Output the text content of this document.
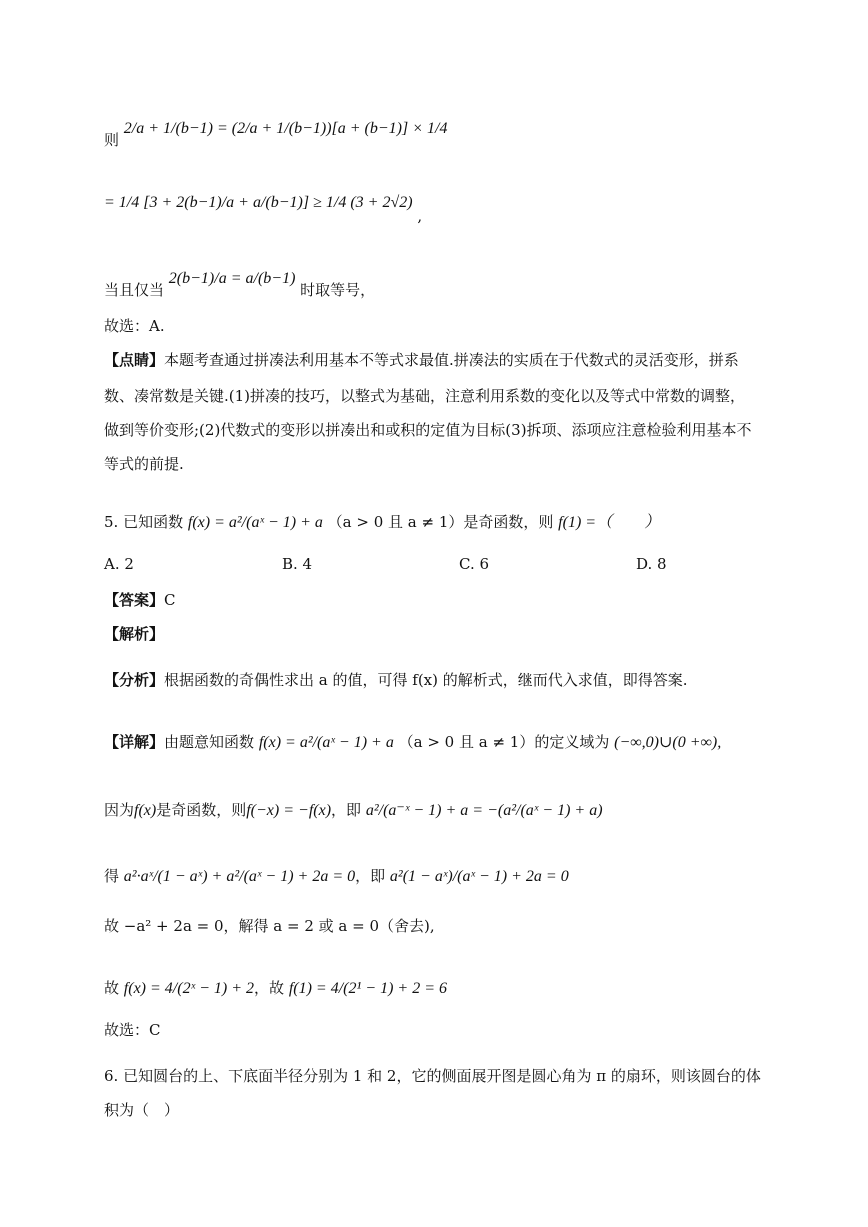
则 2/a + 1/(b−1) = (2/a + 1/(b−1))[a + (b−1)] × 1/4
= 1/4 [3 + 2(b−1)/a + a/(b−1)] ≥ 1/4 (3 + 2√2) ,
当且仅当 2(b−1)/a = a/(b−1) 时取等号，
故选：A.
【点睛】本题考查通过拼凑法利用基本不等式求最值.拼凑法的实质在于代数式的灵活变形，拼系
数、凑常数是关键.(1)拼凑的技巧，以整式为基础，注意利用系数的变化以及等式中常数的调整，
做到等价变形;(2)代数式的变形以拼凑出和或积的定值为目标(3)拆项、添项应注意检验利用基本不
等式的前提.
5. 已知函数 f(x) = a²/(aˣ − 1) + a （a > 0 且 a ≠ 1）是奇函数，则 f(1) =（　　）
A. 2	B. 4	C. 6	D. 8
【答案】C
【解析】
【分析】根据函数的奇偶性求出 a 的值，可得 f(x) 的解析式，继而代入求值，即得答案.
【详解】由题意知函数 f(x) = a²/(aˣ − 1) + a （a > 0 且 a ≠ 1）的定义域为 (−∞,0)∪(0 +∞),
因为f(x)是奇函数，则f(−x) = −f(x)，即 a²/(a⁻ˣ − 1) + a = −(a²/(aˣ − 1) + a)
得 a²·aˣ/(1 − aˣ) + a²/(aˣ − 1) + 2a = 0，即 a²(1 − aˣ)/(aˣ − 1) + 2a = 0
故 −a² + 2a = 0，解得 a = 2 或 a = 0（舍去),
故 f(x) = 4/(2ˣ − 1) + 2，故 f(1) = 4/(2¹ − 1) + 2 = 6
故选：C
6. 已知圆台的上、下底面半径分别为 1 和 2，它的侧面展开图是圆心角为 π 的扇环，则该圆台的体
积为（　）
